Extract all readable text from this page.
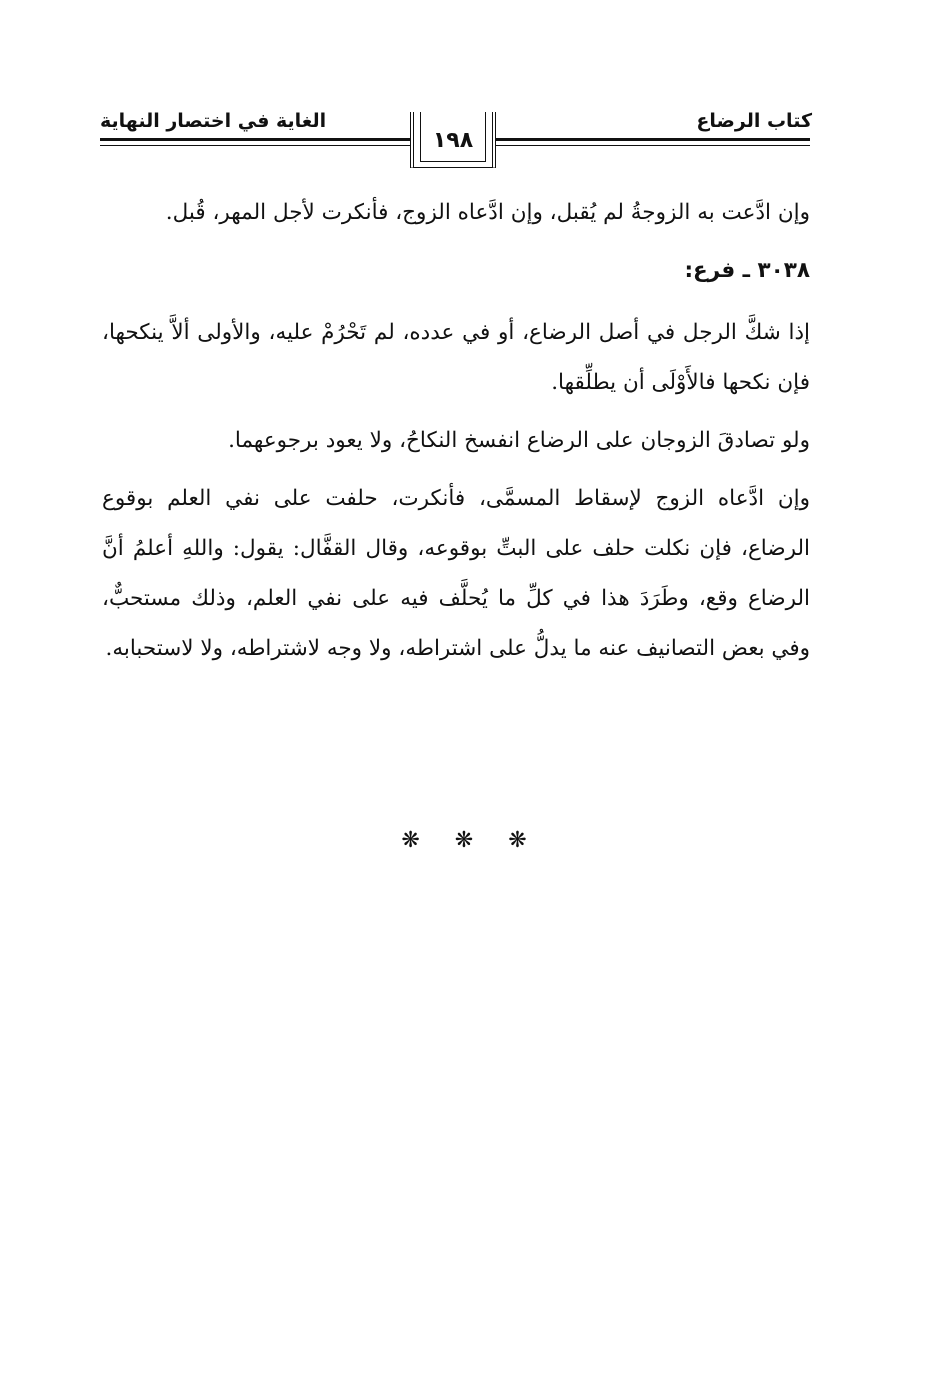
كتاب الرضاع
الغاية في اختصار النهاية
١٩٨

وإن ادَّعت به الزوجةُ لم يُقبل، وإن ادَّعاه الزوج، فأنكرت لأجل المهر، قُبل.

٣٠٣٨ ـ فرع:

إذا شكَّ الرجل في أصل الرضاع، أو في عدده، لم تَحْرُمْ عليه، والأولى ألاَّ ينكحها، فإن نكحها فالأَوْلَى أن يطلِّقها.

ولو تصادقَ الزوجان على الرضاع انفسخ النكاحُ، ولا يعود برجوعهما.

وإن ادَّعاه الزوج لإسقاط المسمَّى، فأنكرت، حلفت على نفي العلم بوقوع الرضاع، فإن نكلت حلف على البتِّ بوقوعه، وقال القفَّال: يقول: واللهِ أعلمُ أنَّ الرضاع وقع، وطَرَدَ هذا في كلِّ ما يُحلَّف فيه على نفي العلم، وذلك مستحبٌّ، وفي بعض التصانيف عنه ما يدلُّ على اشتراطه، ولا وجه لاشتراطه، ولا لاستحبابه.

❋ ❋ ❋
